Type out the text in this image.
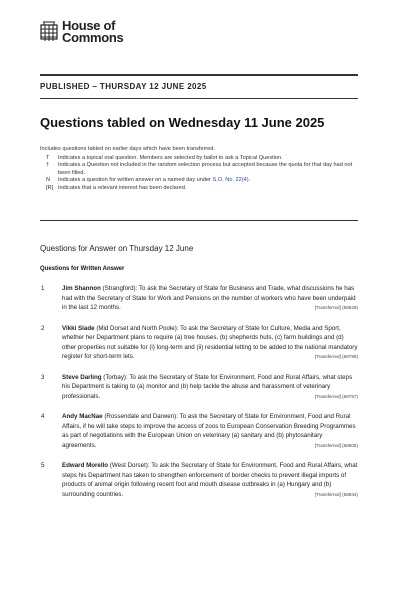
House of
Commons
PUBLISHED – THURSDAY 12 JUNE 2025
Questions tabled on Wednesday 11 June 2025
Includes questions tabled on earlier days which have been transferred.
T	Indicates a topical oral question. Members are selected by ballot to ask a Topical Question.
†	Indicates a Question not included in the random selection process but accepted because the quota for that day had not been filled.
N	Indicates a question for written answer on a named day under S.O. No. 22(4).
[R] Indicates that a relevant interest has been declared.
Questions for Answer on Thursday 12 June
Questions for Written Answer
1	Jim Shannon (Strangford): To ask the Secretary of State for Business and Trade, what discussions he has had with the Secretary of State for Work and Pensions on the number of workers who have been underpaid in the last 12 months.	[Transferred] (58629)
2	Vikki Slade (Mid Dorset and North Poole): To ask the Secretary of State for Culture, Media and Sport, whether her Department plans to require (a) tree houses, (b) shepherds huts, (c) farm buildings and (d) other properties not suitable for (i) long-term and (ii) residential letting to be added to the national mandatory register for short-term lets.	[Transferred] (58799)
3	Steve Darling (Torbay): To ask the Secretary of State for Environment, Food and Rural Affairs, what steps his Department is taking to (a) monitor and (b) help tackle the abuse and harassment of veterinary professionals.	[Transferred] (58757)
4	Andy MacNae (Rossendale and Darwen): To ask the Secretary of State for Environment, Food and Rural Affairs, if he will take steps to improve the access of zoos to European Conservation Breeding Programmes as part of negotiations with the European Union on veterinary (a) sanitary and (b) phytosanitary agreements.	[Transferred] (58905)
5	Edward Morello (West Dorset): To ask the Secretary of State for Environment, Food and Rural Affairs, what steps his Department has taken to strengthen enforcement of border checks to prevent illegal imports of products of animal origin following recent foot and mouth disease outbreaks in (a) Hungary and (b) surrounding countries.	[Transferred] (58844)
